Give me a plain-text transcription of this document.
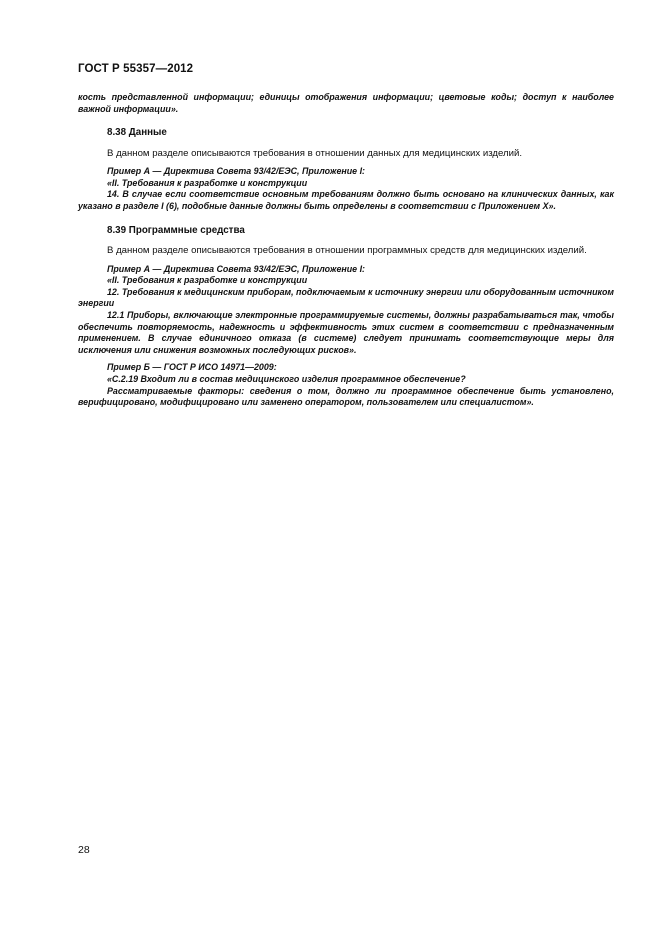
ГОСТ Р 55357—2012

кость представленной информации; единицы отображения информации; цветовые коды; доступ к наиболее важной информации».

8.38 Данные

В данном разделе описываются требования в отношении данных для медицинских изделий.

Пример А — Директива Совета 93/42/ЕЭС, Приложение I:

«II. Требования к разработке и конструкции

14. В случае если соответствие основным требованиям должно быть основано на клинических данных, как указано в разделе I (6), подобные данные должны быть определены в соответствии с Приложением X».

8.39 Программные средства

В данном разделе описываются требования в отношении программных средств для медицинских изделий.

Пример А — Директива Совета 93/42/ЕЭС, Приложение I:

«II. Требования к разработке и конструкции

12. Требования к медицинским приборам, подключаемым к источнику энергии или оборудованным источником энергии

12.1 Приборы, включающие электронные программируемые системы, должны разрабатываться так, чтобы обеспечить повторяемость, надежность и эффективность этих систем в соответствии с предназначенным применением. В случае единичного отказа (в системе) следует принимать соответствующие меры для исключения или снижения возможных последующих рисков».

Пример Б — ГОСТ Р ИСО 14971—2009:

«С.2.19 Входит ли в состав медицинского изделия программное обеспечение?

Рассматриваемые факторы: сведения о том, должно ли программное обеспечение быть установлено, верифицировано, модифицировано или заменено оператором, пользователем или специалистом».

28
